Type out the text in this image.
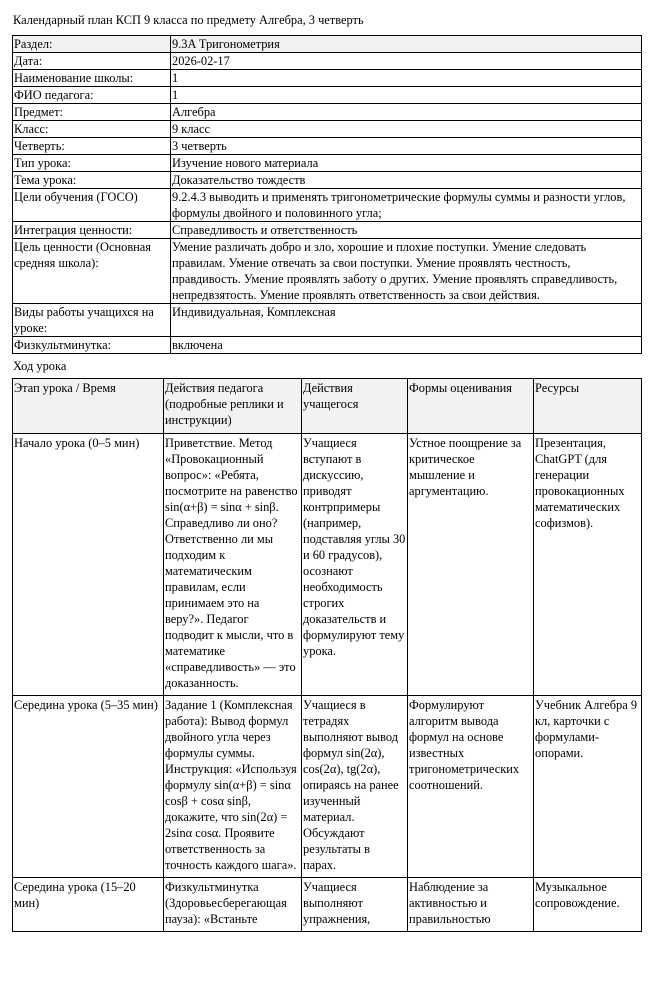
Календарный план КСП 9 класса по предмету Алгебра, 3 четверть
Раздел:	9.3A Тригонометрия
Дата:	2026-02-17
Наименование школы:	1
ФИО педагога:	1
Предмет:	Алгебра
Класс:	9 класс
Четверть:	3 четверть
Тип урока:	Изучение нового материала
Тема урока:	Доказательство тождеств
Цели обучения (ГОСО)	9.2.4.3 выводить и применять тригонометрические формулы суммы и разности углов, формулы двойного и половинного угла;
Интеграция ценности:	Справедливость и ответственность
Цель ценности (Основная средняя школа):	Умение различать добро и зло, хорошие и плохие поступки. Умение следовать правилам. Умение отвечать за свои поступки. Умение проявлять честность, правдивость. Умение проявлять заботу о других. Умение проявлять справедливость, непредвзятость. Умение проявлять ответственность за свои действия.
Виды работы учащихся на уроке:	Индивидуальная, Комплексная
Физкультминутка:	включена
Ход урока
Этап урока / Время	Действия педагога (подробные реплики и инструкции)	Действия учащегося	Формы оценивания	Ресурсы
Начало урока (0–5 мин)	Приветствие. Метод «Провокационный вопрос»: «Ребята, посмотрите на равенство sin(α+β) = sinα + sinβ. Справедливо ли оно? Ответственно ли мы подходим к математическим правилам, если принимаем это на веру?». Педагог подводит к мысли, что в математике «справедливость» — это доказанность.	Учащиеся вступают в дискуссию, приводят контрпримеры (например, подставляя углы 30 и 60 градусов), осознают необходимость строгих доказательств и формулируют тему урока.	Устное поощрение за критическое мышление и аргументацию.	Презентация, ChatGPT (для генерации провокационных математических софизмов).
Середина урока (5–35 мин)	Задание 1 (Комплексная работа): Вывод формул двойного угла через формулы суммы. Инструкция: «Используя формулу sin(α+β) = sinα cosβ + cosα sinβ, докажите, что sin(2α) = 2sinα cosα. Проявите ответственность за точность каждого шага».	Учащиеся в тетрадях выполняют вывод формул sin(2α), cos(2α), tg(2α), опираясь на ранее изученный материал. Обсуждают результаты в парах.	Формулируют алгоритм вывода формул на основе известных тригонометрических соотношений.	Учебник Алгебра 9 кл, карточки с формулами-опорами.
Середина урока (15–20 мин)	Физкультминутка (Здоровьесберегающая пауза): «Встаньте	Учащиеся выполняют упражнения,	Наблюдение за активностью и правильностью	Музыкальное сопровождение.
